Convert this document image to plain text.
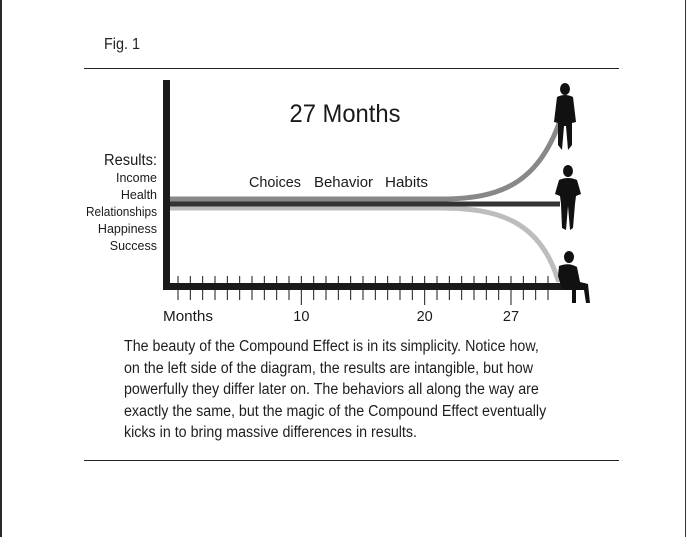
Fig. 1
10	20	27
27 Months
Results:
Income
Health
Relationships
Happiness
Success
Choices Behavior Habits
Months
The beauty of the Compound Effect is in its simplicity. Notice how,
on the left side of the diagram, the results are intangible, but how
powerfully they differ later on. The behaviors all along the way are
exactly the same, but the magic of the Compound Effect eventually
kicks in to bring massive differences in results.
